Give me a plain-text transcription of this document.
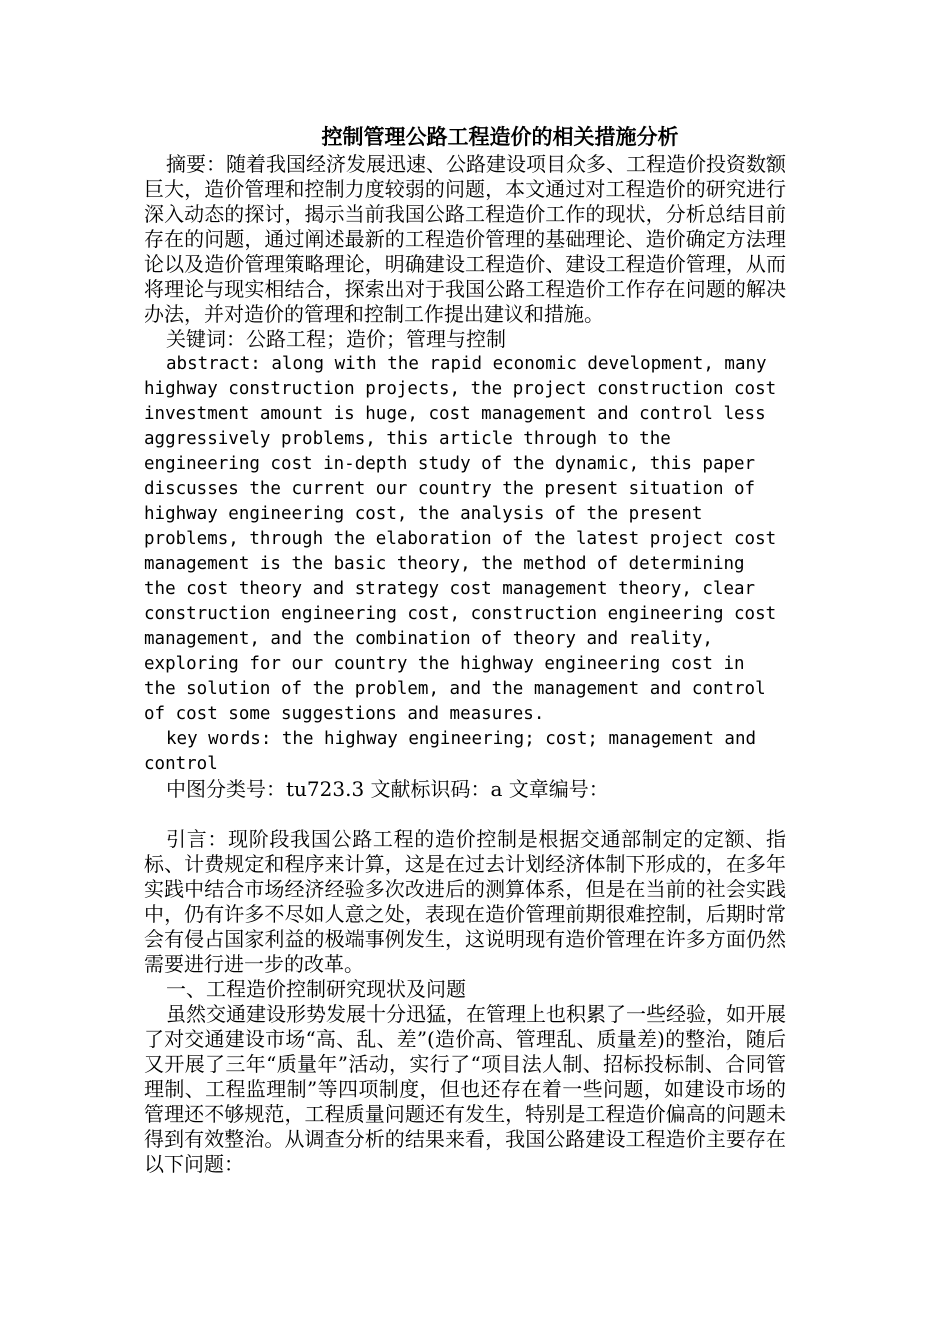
控制管理公路工程造价的相关措施分析

摘要：随着我国经济发展迅速、公路建设项目众多、工程造价投资数额巨大，造价管理和控制力度较弱的问题，本文通过对工程造价的研究进行深入动态的探讨，揭示当前我国公路工程造价工作的现状，分析总结目前存在的问题，通过阐述最新的工程造价管理的基础理论、造价确定方法理论以及造价管理策略理论，明确建设工程造价、建设工程造价管理，从而将理论与现实相结合，探索出对于我国公路工程造价工作存在问题的解决办法，并对造价的管理和控制工作提出建议和措施。

关键词：公路工程；造价；管理与控制

abstract: along with the rapid economic development, many highway construction projects, the project construction cost investment amount is huge, cost management and control less aggressively problems, this article through to the engineering cost in-depth study of the dynamic, this paper discusses the current our country the present situation of highway engineering cost, the analysis of the present problems, through the elaboration of the latest project cost management is the basic theory, the method of determining the cost theory and strategy cost management theory, clear construction engineering cost, construction engineering cost management, and the combination of theory and reality, exploring for our country the highway engineering cost in the solution of the problem, and the management and control of cost some suggestions and measures.

key words: the highway engineering; cost; management and control

中图分类号：tu723.3 文献标识码：a 文章编号：

引言：现阶段我国公路工程的造价控制是根据交通部制定的定额、指标、计费规定和程序来计算，这是在过去计划经济体制下形成的，在多年实践中结合市场经济经验多次改进后的测算体系，但是在当前的社会实践中，仍有许多不尽如人意之处，表现在造价管理前期很难控制，后期时常会有侵占国家利益的极端事例发生，这说明现有造价管理在许多方面仍然需要进行进一步的改革。

一、工程造价控制研究现状及问题

虽然交通建设形势发展十分迅猛，在管理上也积累了一些经验，如开展了对交通建设市场“高、乱、差”(造价高、管理乱、质量差)的整治，随后又开展了三年“质量年”活动，实行了“项目法人制、招标投标制、合同管理制、工程监理制”等四项制度，但也还存在着一些问题，如建设市场的管理还不够规范，工程质量问题还有发生，特别是工程造价偏高的问题未得到有效整治。从调查分析的结果来看，我国公路建设工程造价主要存在以下问题：
